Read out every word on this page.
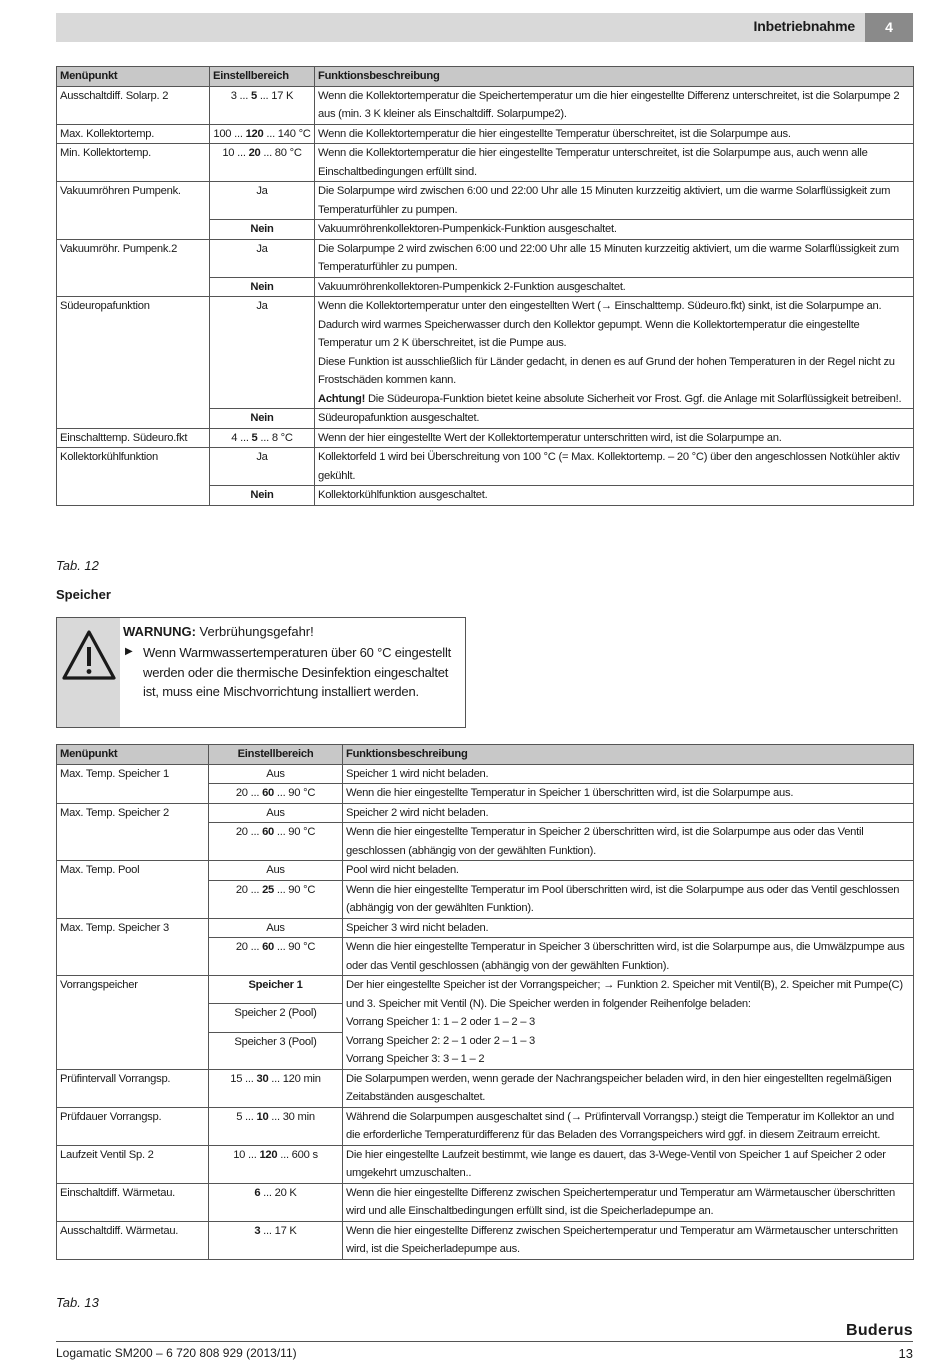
Inbetriebnahme	4
Menüpunkt	Einstellbereich	Funktionsbeschreibung
Ausschaltdiff. Solarp. 2	3 ... 5 ... 17 K	Wenn die Kollektortemperatur die Speichertemperatur um die hier eingestellte Differenz unterschreitet, ist die Solarpumpe 2 aus (min. 3 K kleiner als Einschaltdiff. Solarpumpe2).
Max. Kollektortemp.	100 ... 120 ... 140 °C	Wenn die Kollektortemperatur die hier eingestellte Temperatur überschreitet, ist die Solarpumpe aus.
Min. Kollektortemp.	10 ... 20 ... 80 °C	Wenn die Kollektortemperatur die hier eingestellte Temperatur unterschreitet, ist die Solarpumpe aus, auch wenn alle Einschaltbedingungen erfüllt sind.
Vakuumröhren Pumpenk.	Ja	Die Solarpumpe wird zwischen 6:00 und 22:00 Uhr alle 15 Minuten kurzzeitig aktiviert, um die warme Solarflüssigkeit zum Temperaturfühler zu pumpen.
	Nein	Vakuumröhrenkollektoren-Pumpenkick-Funktion ausgeschaltet.
Vakuumröhr. Pumpenk.2	Ja	Die Solarpumpe 2 wird zwischen 6:00 und 22:00 Uhr alle 15 Minuten kurzzeitig aktiviert, um die warme Solarflüssigkeit zum Temperaturfühler zu pumpen.
	Nein	Vakuumröhrenkollektoren-Pumpenkick 2-Funktion ausgeschaltet.
Südeuropafunktion	Ja	Wenn die Kollektortemperatur unter den eingestellten Wert (→ Einschalttemp. Südeuro.fkt) sinkt, ist die Solarpumpe an. Dadurch wird warmes Speicherwasser durch den Kollektor gepumpt. Wenn die Kollektortemperatur die eingestellte Temperatur um 2 K überschreitet, ist die Pumpe aus.
Diese Funktion ist ausschließlich für Länder gedacht, in denen es auf Grund der hohen Temperaturen in der Regel nicht zu Frostschäden kommen kann.
Achtung! Die Südeuropa-Funktion bietet keine absolute Sicherheit vor Frost. Ggf. die Anlage mit Solarflüssigkeit betreiben!.

	Nein	Südeuropafunktion ausgeschaltet.
Einschalttemp. Südeuro.fkt	4 ... 5 ... 8 °C	Wenn der hier eingestellte Wert der Kollektortemperatur unterschritten wird, ist die Solarpumpe an.
Kollektorkühlfunktion	Ja	Kollektorfeld 1 wird bei Überschreitung von 100 °C (= Max. Kollektortemp. – 20 °C) über den angeschlossen Notkühler aktiv gekühlt.
	Nein	Kollektorkühlfunktion ausgeschaltet.
Tab. 12
Speicher
WARNUNG: Verbrühungsgefahr!
▶ Wenn Warmwassertemperaturen über 60 °C eingestellt werden oder die thermische Desinfektion eingeschaltet ist, muss eine Mischvorrichtung installiert werden.
Menüpunkt	Einstellbereich	Funktionsbeschreibung
Max. Temp. Speicher 1	Aus	Speicher 1 wird nicht beladen.
	20 ... 60 ... 90 °C	Wenn die hier eingestellte Temperatur in Speicher 1 überschritten wird, ist die Solarpumpe aus.
Max. Temp. Speicher 2	Aus	Speicher 2 wird nicht beladen.
	20 ... 60 ... 90 °C	Wenn die hier eingestellte Temperatur in Speicher 2 überschritten wird, ist die Solarpumpe aus oder das Ventil geschlossen (abhängig von der gewählten Funktion).
Max. Temp. Pool	Aus	Pool wird nicht beladen.
	20 ... 25 ... 90 °C	Wenn die hier eingestellte Temperatur im Pool überschritten wird, ist die Solarpumpe aus oder das Ventil geschlossen (abhängig von der gewählten Funktion).
Max. Temp. Speicher 3	Aus	Speicher 3 wird nicht beladen.
	20 ... 60 ... 90 °C	Wenn die hier eingestellte Temperatur in Speicher 3 überschritten wird, ist die Solarpumpe aus, die Umwälzpumpe aus oder das Ventil geschlossen (abhängig von der gewählten Funktion).
Vorrangspeicher	Speicher 1	Der hier eingestellte Speicher ist der Vorrangspeicher; → Funktion 2. Speicher mit Ventil(B), 2. Speicher mit Pumpe(C) und 3. Speicher mit Ventil (N). Die Speicher werden in folgender Reihenfolge beladen:
Vorrang Speicher 1: 1 – 2 oder 1 – 2 – 3
Vorrang Speicher 2: 2 – 1 oder 2 – 1 – 3
Vorrang Speicher 3: 3 – 1 – 2

	Speicher 2 (Pool)	
	Speicher 3 (Pool)	
Prüfintervall Vorrangsp.	15 ... 30 ... 120 min	Die Solarpumpen werden, wenn gerade der Nachrangspeicher beladen wird, in den hier eingestellten regelmäßigen Zeitabständen ausgeschaltet.
Prüfdauer Vorrangsp.	5 ... 10 ... 30 min	Während die Solarpumpen ausgeschaltet sind (→ Prüfintervall Vorrangsp.) steigt die Temperatur im Kollektor an und die erforderliche Temperaturdifferenz für das Beladen des Vorrangspeichers wird ggf. in diesem Zeitraum erreicht.
Laufzeit Ventil Sp. 2	10 ... 120 ... 600 s	Die hier eingestellte Laufzeit bestimmt, wie lange es dauert, das 3-Wege-Ventil von Speicher 1 auf Speicher 2 oder umgekehrt umzuschalten..
Einschaltdiff. Wärmetau.	6 ... 20 K	Wenn die hier eingestellte Differenz zwischen Speichertemperatur und Temperatur am Wärmetauscher überschritten wird und alle Einschaltbedingungen erfüllt sind, ist die Speicherladepumpe an.
Ausschaltdiff. Wärmetau.	3 ... 17 K	Wenn die hier eingestellte Differenz zwischen Speichertemperatur und Temperatur am Wärmetauscher unterschritten wird, ist die Speicherladepumpe aus.
Tab. 13
Buderus
Logamatic SM200 – 6 720 808 929 (2013/11)	13
